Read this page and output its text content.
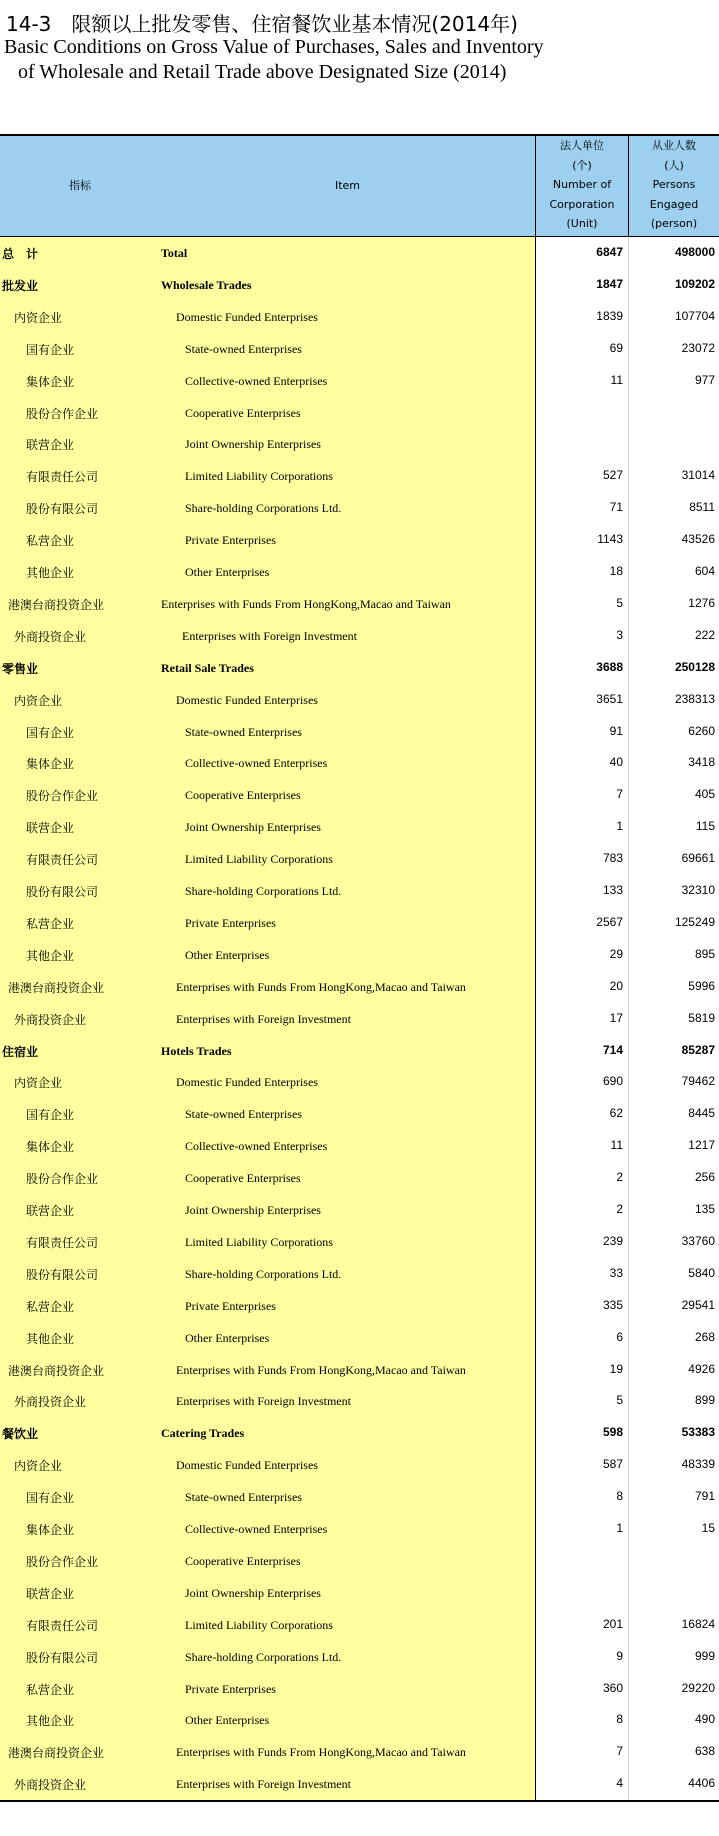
14-3　限额以上批发零售、住宿餐饮业基本情况(2014年)
Basic Conditions on Gross Value of Purchases, Sales and Inventory
of Wholesale and Retail Trade above Designated Size (2014)
指标	Item
法人单位
(个)
Number of
Corporation
(Unit)
从业人数
(人)
Persons
Engaged
(person)
总　计	Total	6847	498000
批发业	Wholesale Trades	1847	109202
内资企业	Domestic Funded Enterprises	1839	107704
国有企业	State-owned Enterprises	69	23072
集体企业	Collective-owned Enterprises	11	977
股份合作企业	Cooperative Enterprises
联营企业	Joint Ownership Enterprises
有限责任公司	Limited Liability Corporations	527	31014
股份有限公司	Share-holding Corporations Ltd.	71	8511
私营企业	Private Enterprises	1143	43526
其他企业	Other Enterprises	18	604
港澳台商投资企业	Enterprises with Funds From HongKong,Macao and Taiwan	5	1276
外商投资企业	Enterprises with Foreign Investment	3	222
零售业	Retail Sale Trades	3688	250128
内资企业	Domestic Funded Enterprises	3651	238313
国有企业	State-owned Enterprises	91	6260
集体企业	Collective-owned Enterprises	40	3418
股份合作企业	Cooperative Enterprises	7	405
联营企业	Joint Ownership Enterprises	1	115
有限责任公司	Limited Liability Corporations	783	69661
股份有限公司	Share-holding Corporations Ltd.	133	32310
私营企业	Private Enterprises	2567	125249
其他企业	Other Enterprises	29	895
港澳台商投资企业	Enterprises with Funds From HongKong,Macao and Taiwan	20	5996
外商投资企业	Enterprises with Foreign Investment	17	5819
住宿业	Hotels Trades	714	85287
内资企业	Domestic Funded Enterprises	690	79462
国有企业	State-owned Enterprises	62	8445
集体企业	Collective-owned Enterprises	11	1217
股份合作企业	Cooperative Enterprises	2	256
联营企业	Joint Ownership Enterprises	2	135
有限责任公司	Limited Liability Corporations	239	33760
股份有限公司	Share-holding Corporations Ltd.	33	5840
私营企业	Private Enterprises	335	29541
其他企业	Other Enterprises	6	268
港澳台商投资企业	Enterprises with Funds From HongKong,Macao and Taiwan	19	4926
外商投资企业	Enterprises with Foreign Investment	5	899
餐饮业	Catering Trades	598	53383
内资企业	Domestic Funded Enterprises	587	48339
国有企业	State-owned Enterprises	8	791
集体企业	Collective-owned Enterprises	1	15
股份合作企业	Cooperative Enterprises
联营企业	Joint Ownership Enterprises
有限责任公司	Limited Liability Corporations	201	16824
股份有限公司	Share-holding Corporations Ltd.	9	999
私营企业	Private Enterprises	360	29220
其他企业	Other Enterprises	8	490
港澳台商投资企业	Enterprises with Funds From HongKong,Macao and Taiwan	7	638
外商投资企业	Enterprises with Foreign Investment	4	4406
